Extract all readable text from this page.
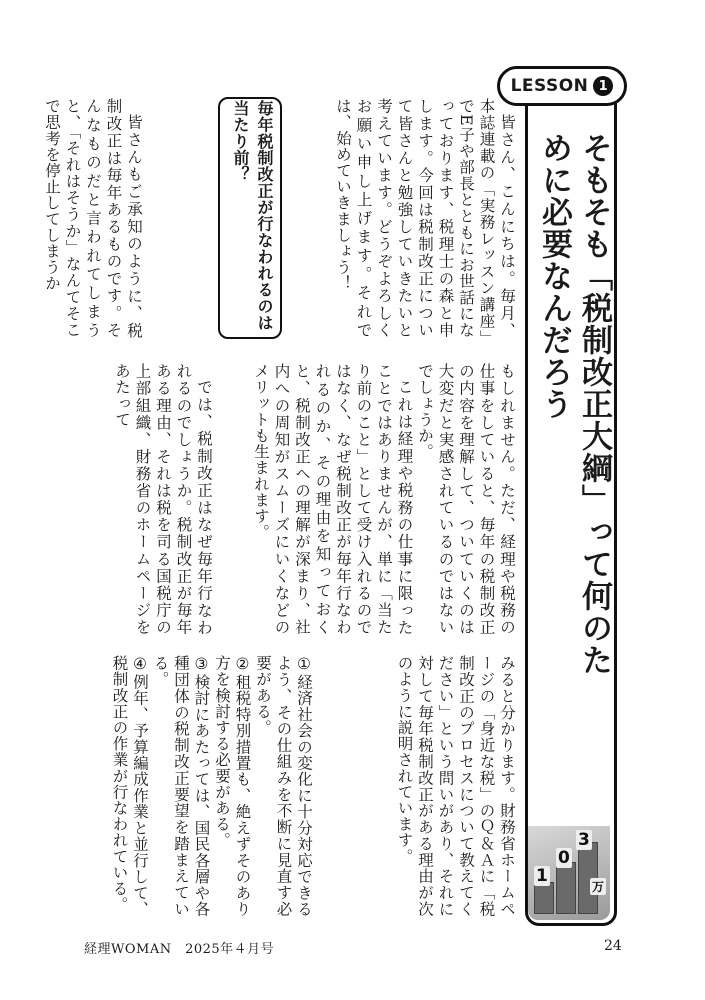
LESSON 1
そもそも「税制改正大綱」って何のために必要なんだろう
1
0
3
万

皆さん、こんにちは。毎月、本誌連載の「実務レッスン講座」でE子や部長とともにお世話になっております、税理士の森と申します。今回は税制改正について皆さんと勉強していきたいと考えています。どうぞよろしくお願い申し上げます。それでは、始めていきましょう！

もしれません。ただ、経理や税務の仕事をしていると、毎年の税制改正の内容を理解して、ついていくのは大変だと実感されているのではないでしょうか。

これは経理や税務の仕事に限ったことではありませんが、単に「当たり前のこと」として受け入れるのではなく、なぜ税制改正が毎年行なわれるのか、その理由を知っておくと、税制改正への理解が深まり、社内への周知がスムーズにいくなどのメリットも生まれます。

みると分かります。財務省ホームページの「身近な税」のＱ＆Ａに「税制改正のプロセスについて教えてください」という問いがあり、それに対して毎年税制改正がある理由が次のように説明されています。

毎年税制改正が行なわれるのは当たり前？

皆さんもご承知のように、税制改正は毎年あるものです。そんなものだと言われてしまうと、「それはそうか」なんてそこで思考を停止してしまうか

では、税制改正はなぜ毎年行なわれるのでしょうか。税制改正が毎年ある理由、それは税を司る国税庁の上部組織、財務省のホームページをあたって

①経済社会の変化に十分対応できるよう、その仕組みを不断に見直す必要がある。

②租税特別措置も、絶えずそのあり方を検討する必要がある。

③検討にあたっては、国民各層や各種団体の税制改正要望を踏まえている。

④例年、予算編成作業と並行して、税制改正の作業が行なわれている。

経理WOMAN　2025年４月号	24
